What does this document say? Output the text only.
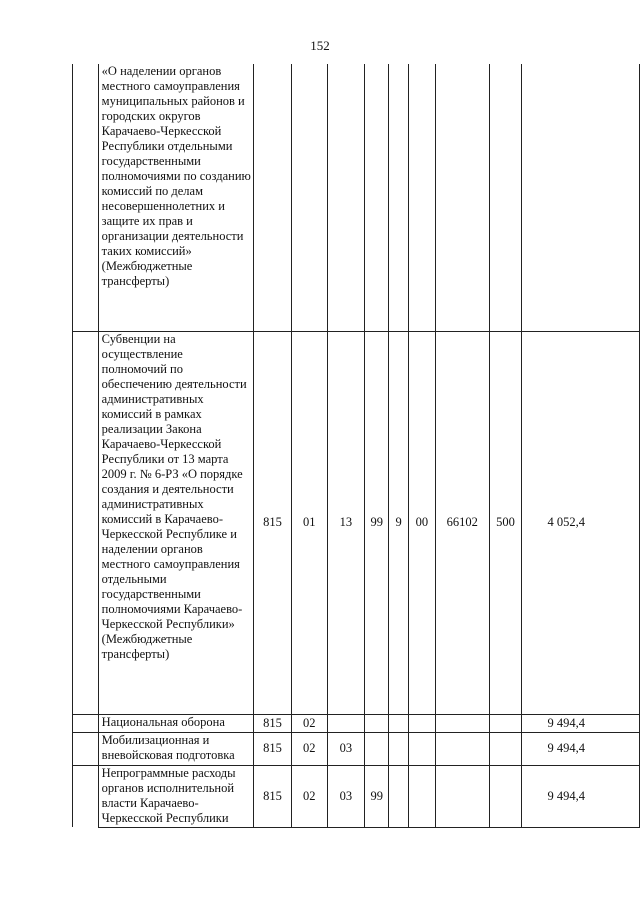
152
	«О наделении органов местного самоуправления муниципальных районов и городских округов Карачаево-Черкесской Республики отдельными государственными полномочиями по созданию комиссий по делам несовершеннолетних и защите их прав и организации деятельности таких комиссий» (Межбюджетные трансферты)									
	Субвенции на осуществление полномочий по обеспечению деятельности административных комиссий в рамках реализации Закона Карачаево-Черкесской Республики от 13 марта 2009 г. № 6-РЗ «О порядке создания и деятельности административных комиссий в Карачаево-Черкесской Республике и наделении органов местного самоуправления отдельными государственными полномочиями Карачаево-Черкесской Республики» (Межбюджетные трансферты)	815	01	13	99	9	00	66102	500	4 052,4
	Национальная оборона	815	02							9 494,4
	Мобилизационная и вневойсковая подготовка	815	02	03						9 494,4
	Непрограммные расходы органов исполнительной власти Карачаево-Черкесской Республики	815	02	03	99					9 494,4
